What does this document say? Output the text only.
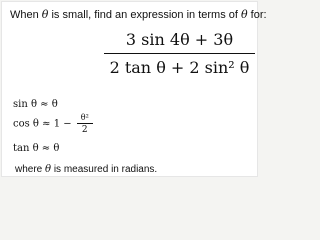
When θ is small, find an expression in terms of θ for:
3 sin 4θ + 3θ
2 tan θ + 2 sin² θ
sin θ ≈ θ
$\cos \theta \approx 1 - \frac{\text{θ²}}{2}$
tan θ ≈ θ
where θ is measured in radians.
